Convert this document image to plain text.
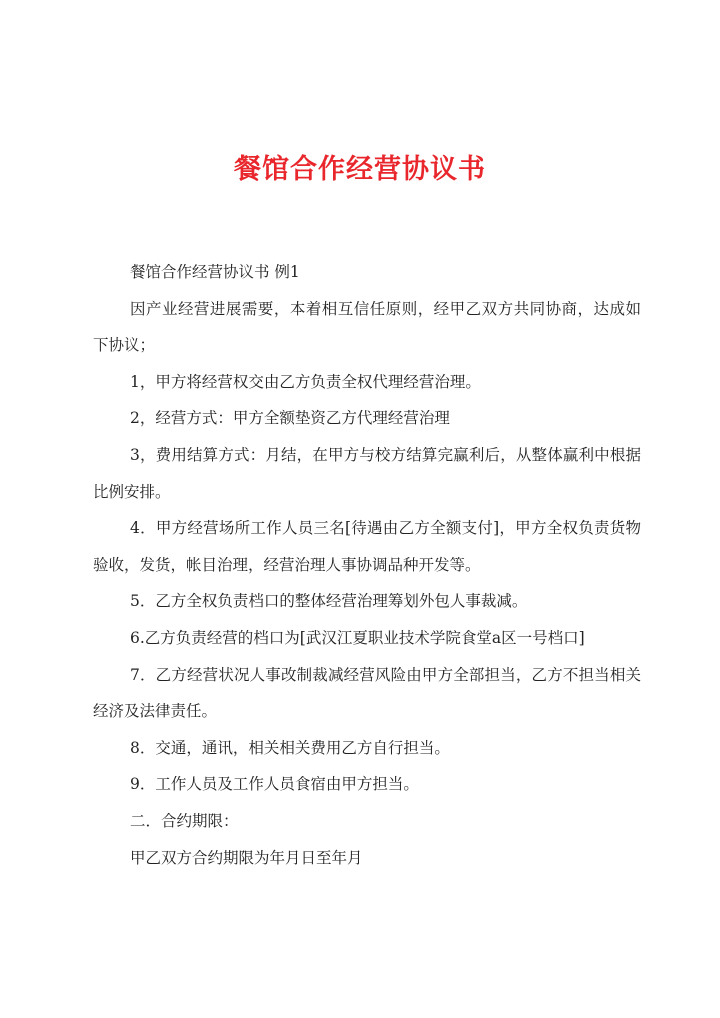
餐馆合作经营协议书

餐馆合作经营协议书 例1

因产业经营进展需要，本着相互信任原则，经甲乙双方共同协商，达成如下协议；

1，甲方将经营权交由乙方负责全权代理经营治理。

2，经营方式：甲方全额垫资乙方代理经营治理

3，费用结算方式：月结，在甲方与校方结算完赢利后，从整体赢利中根据比例安排。

4．甲方经营场所工作人员三名[待遇由乙方全额支付]，甲方全权负责货物验收，发货，帐目治理，经营治理人事协调品种开发等。

5．乙方全权负责档口的整体经营治理筹划外包人事裁减。

6.乙方负责经营的档口为[武汉江夏职业技术学院食堂a区一号档口]

7．乙方经营状况人事改制裁减经营风险由甲方全部担当，乙方不担当相关经济及法律责任。

8．交通，通讯，相关相关费用乙方自行担当。

9．工作人员及工作人员食宿由甲方担当。

二．合约期限：

甲乙双方合约期限为年月日至年月
